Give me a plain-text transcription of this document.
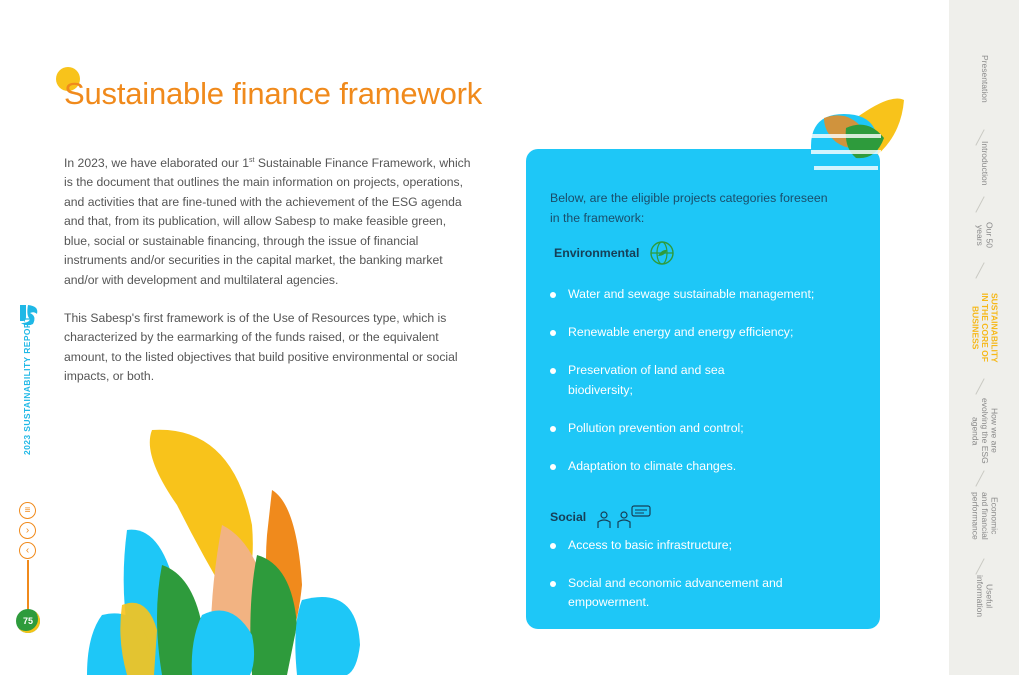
2023 SUSTAINABILITY REPORT
≡
›
‹
75
Sustainable finance framework

In 2023, we have elaborated our 1st Sustainable Finance Framework, which is the document that outlines the main information on projects, operations, and activities that are fine-tuned with the achievement of the ESG agenda and that, from its publication, will allow Sabesp to make feasible green, blue, social or sustainable financing, through the issue of financial instruments and/or securities in the capital market, the banking market and/or with development and multilateral agencies.

This Sabesp's first framework is of the Use of Resources type, which is characterized by the earmarking of the funds raised, or the equivalent amount, to the listed objectives that build positive environmental or social impacts, or both.

Below, are the eligible projects categories foreseen in the framework:
Environmental
Water and sewage sustainable management;
Renewable energy and energy efficiency;
Preservation of land and sea biodiversity;
Pollution prevention and control;
Adaptation to climate changes.
Social
Access to basic infrastructure;
Social and economic advancement and empowerment.
Presentation
Introduction
Our 50
years
SUSTAINABILITY
IN THE CORE OF
BUSINESS
How we are
evolving the ESG
agenda
Economic
and financial
performance
Useful
information
